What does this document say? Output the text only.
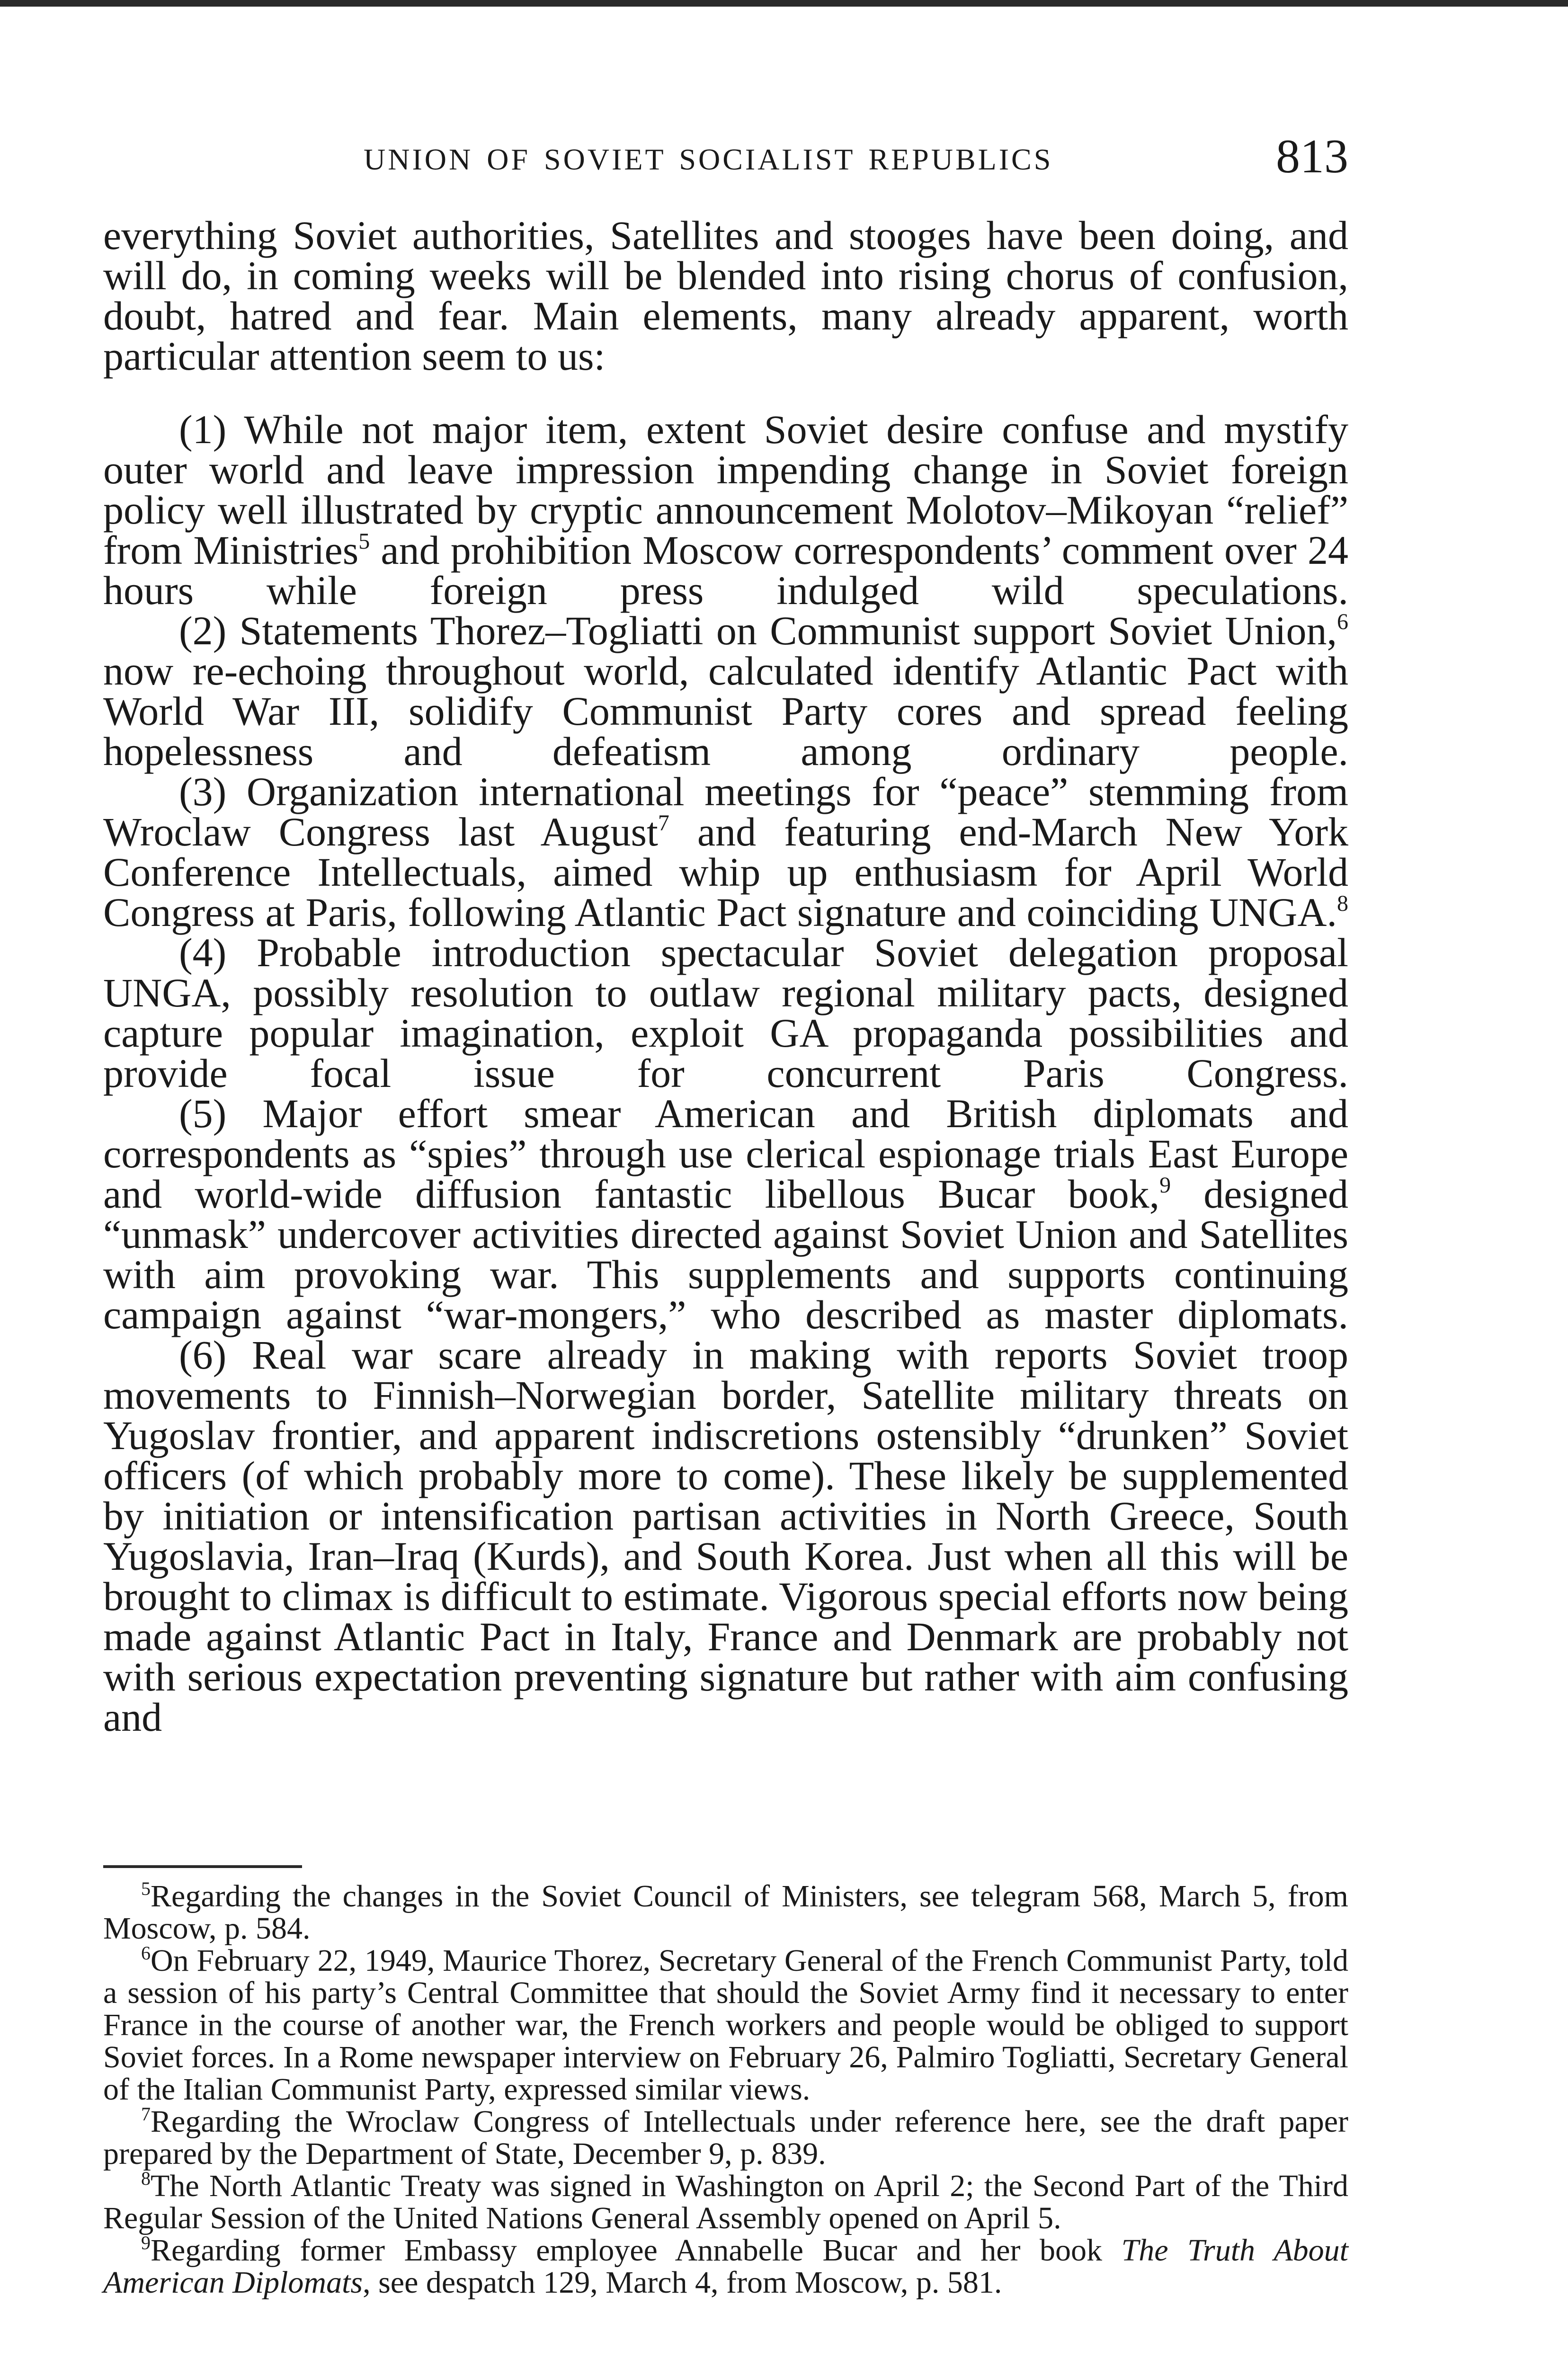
UNION OF SOVIET SOCIALIST REPUBLICS	813

everything Soviet authorities, Satellites and stooges have been doing, and will do, in coming weeks will be blended into rising chorus of confusion, doubt, hatred and fear. Main elements, many already apparent, worth particular attention seem to us:

(1) While not major item, extent Soviet desire confuse and mystify outer world and leave impression impending change in Soviet foreign policy well illustrated by cryptic announcement Molotov–Mikoyan “relief” from Ministries$^5$ and prohibition Moscow correspondents’ comment over 24 hours while foreign press indulged wild speculations.

(2) Statements Thorez–Togliatti on Communist support Soviet Union,$^6$ now re-echoing throughout world, calculated identify Atlantic Pact with World War III, solidify Communist Party cores and spread feeling hopelessness and defeatism among ordinary people.

(3) Organization international meetings for “peace” stemming from Wroclaw Congress last August$^7$ and featuring end-March New York Conference Intellectuals, aimed whip up enthusiasm for April World Congress at Paris, following Atlantic Pact signature and coinciding UNGA.$^8$

(4) Probable introduction spectacular Soviet delegation proposal UNGA, possibly resolution to outlaw regional military pacts, designed capture popular imagination, exploit GA propaganda possibilities and provide focal issue for concurrent Paris Congress.

(5) Major effort smear American and British diplomats and correspondents as “spies” through use clerical espionage trials East Europe and world-wide diffusion fantastic libellous Bucar book,$^9$ designed “unmask” undercover activities directed against Soviet Union and Satellites with aim provoking war. This supplements and supports continuing campaign against “war-mongers,” who described as master diplomats.

(6) Real war scare already in making with reports Soviet troop movements to Finnish–Norwegian border, Satellite military threats on Yugoslav frontier, and apparent indiscretions ostensibly “drunken” Soviet officers (of which probably more to come). These likely be supplemented by initiation or intensification partisan activities in North Greece, South Yugoslavia, Iran–Iraq (Kurds), and South Korea. Just when all this will be brought to climax is difficult to estimate. Vigorous special efforts now being made against Atlantic Pact in Italy, France and Denmark are probably not with serious expectation preventing signature but rather with aim confusing and

$^5$Regarding the changes in the Soviet Council of Ministers, see telegram 568, March 5, from Moscow, p. 584.

$^6$On February 22, 1949, Maurice Thorez, Secretary General of the French Communist Party, told a session of his party’s Central Committee that should the Soviet Army find it necessary to enter France in the course of another war, the French workers and people would be obliged to support Soviet forces. In a Rome newspaper interview on February 26, Palmiro Togliatti, Secretary General of the Italian Communist Party, expressed similar views.

$^7$Regarding the Wroclaw Congress of Intellectuals under reference here, see the draft paper prepared by the Department of State, December 9, p. 839.

$^8$The North Atlantic Treaty was signed in Washington on April 2; the Second Part of the Third Regular Session of the United Nations General Assembly opened on April 5.

$^9$Regarding former Embassy employee Annabelle Bucar and her book The Truth About American Diplomats, see despatch 129, March 4, from Moscow, p. 581.
